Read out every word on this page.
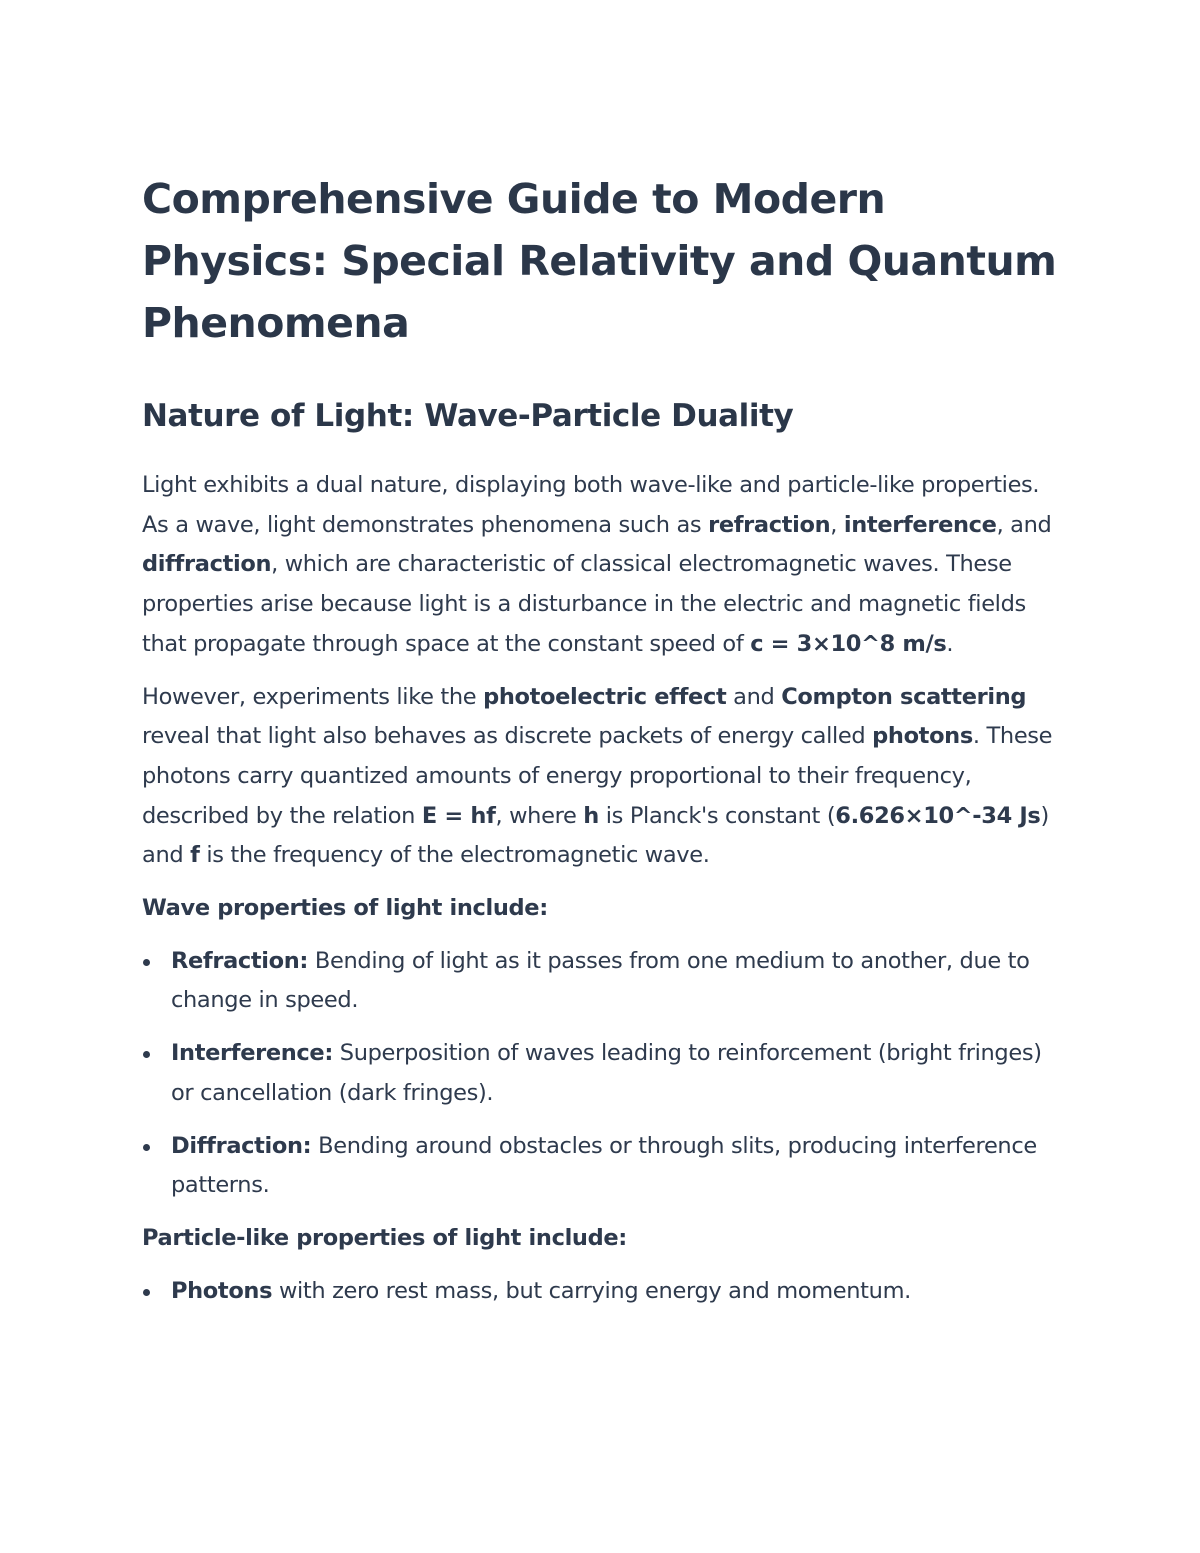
Comprehensive Guide to Modern Physics: Special Relativity and Quantum Phenomena
Nature of Light: Wave-Particle Duality

Light exhibits a dual nature, displaying both wave-like and particle-like properties. As a wave, light demonstrates phenomena such as refraction, interference, and diffraction, which are characteristic of classical electromagnetic waves. These properties arise because light is a disturbance in the electric and magnetic fields that propagate through space at the constant speed of c = 3×10^8 m/s.

However, experiments like the photoelectric effect and Compton scattering reveal that light also behaves as discrete packets of energy called photons. These photons carry quantized amounts of energy proportional to their frequency, described by the relation E = hf, where h is Planck's constant (6.626×10^-34 Js) and f is the frequency of the electromagnetic wave.

Wave properties of light include:

Refraction: Bending of light as it passes from one medium to another, due to change in speed.
Interference: Superposition of waves leading to reinforcement (bright fringes) or cancellation (dark fringes).
Diffraction: Bending around obstacles or through slits, producing interference patterns.

Particle-like properties of light include:

Photons with zero rest mass, but carrying energy and momentum.
